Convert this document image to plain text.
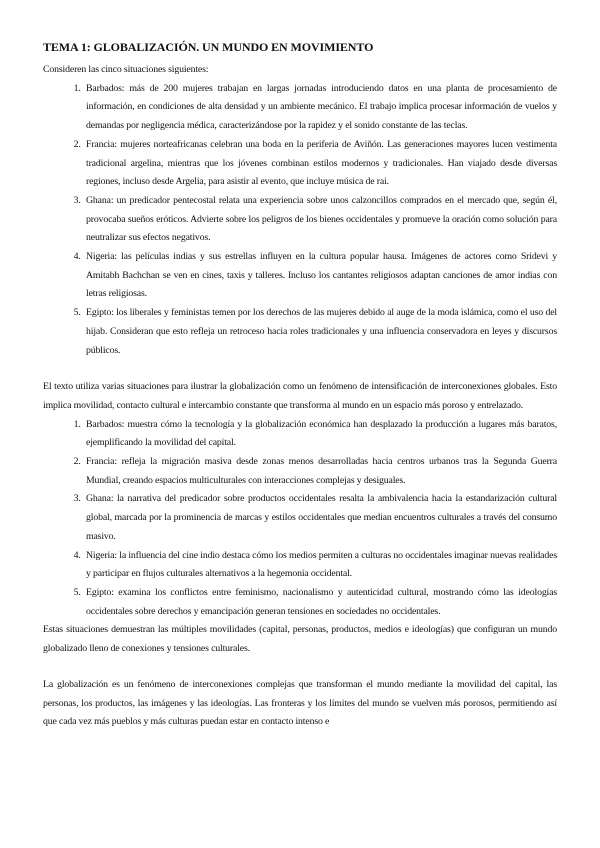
TEMA 1: GLOBALIZACIÓN. UN MUNDO EN MOVIMIENTO

Consideren las cinco situaciones siguientes:

1. Barbados: más de 200 mujeres trabajan en largas jornadas introduciendo datos en una planta de procesamiento de información, en condiciones de alta densidad y un ambiente mecánico. El trabajo implica procesar información de vuelos y demandas por negligencia médica, caracterizándose por la rapidez y el sonido constante de las teclas.
2. Francia: mujeres norteafricanas celebran una boda en la periferia de Aviñón. Las generaciones mayores lucen vestimenta tradicional argelina, mientras que los jóvenes combinan estilos modernos y tradicionales. Han viajado desde diversas regiones, incluso desde Argelia, para asistir al evento, que incluye música de rai.
3. Ghana: un predicador pentecostal relata una experiencia sobre unos calzoncillos comprados en el mercado que, según él, provocaba sueños eróticos. Advierte sobre los peligros de los bienes occidentales y promueve la oración como solución para neutralizar sus efectos negativos.
4. Nigeria: las películas indias y sus estrellas influyen en la cultura popular hausa. Imágenes de actores como Sridevi y Amitabh Bachchan se ven en cines, taxis y talleres. Incluso los cantantes religiosos adaptan canciones de amor indias con letras religiosas.
5. Egipto: los liberales y feministas temen por los derechos de las mujeres debido al auge de la moda islámica, como el uso del hijab. Consideran que esto refleja un retroceso hacia roles tradicionales y una influencia conservadora en leyes y discursos públicos.

El texto utiliza varias situaciones para ilustrar la globalización como un fenómeno de intensificación de interconexiones globales. Esto implica movilidad, contacto cultural e intercambio constante que transforma al mundo en un espacio más poroso y entrelazado.

1. Barbados: muestra cómo la tecnología y la globalización económica han desplazado la producción a lugares más baratos, ejemplificando la movilidad del capital.
2. Francia: refleja la migración masiva desde zonas menos desarrolladas hacia centros urbanos tras la Segunda Guerra Mundial, creando espacios multiculturales con interacciones complejas y desiguales.
3. Ghana: la narrativa del predicador sobre productos occidentales resalta la ambivalencia hacia la estandarización cultural global, marcada por la prominencia de marcas y estilos occidentales que median encuentros culturales a través del consumo masivo.
4. Nigeria: la influencia del cine indio destaca cómo los medios permiten a culturas no occidentales imaginar nuevas realidades y participar en flujos culturales alternativos a la hegemonía occidental.
5. Egipto: examina los conflictos entre feminismo, nacionalismo y autenticidad cultural, mostrando cómo las ideologías occidentales sobre derechos y emancipación generan tensiones en sociedades no occidentales.

Estas situaciones demuestran las múltiples movilidades (capital, personas, productos, medios e ideologías) que configuran un mundo globalizado lleno de conexiones y tensiones culturales.

La globalización es un fenómeno de interconexiones complejas que transforman el mundo mediante la movilidad del capital, las personas, los productos, las imágenes y las ideologías. Las fronteras y los límites del mundo se vuelven más porosos, permitiendo así que cada vez más pueblos y más culturas puedan estar en contacto intenso e
